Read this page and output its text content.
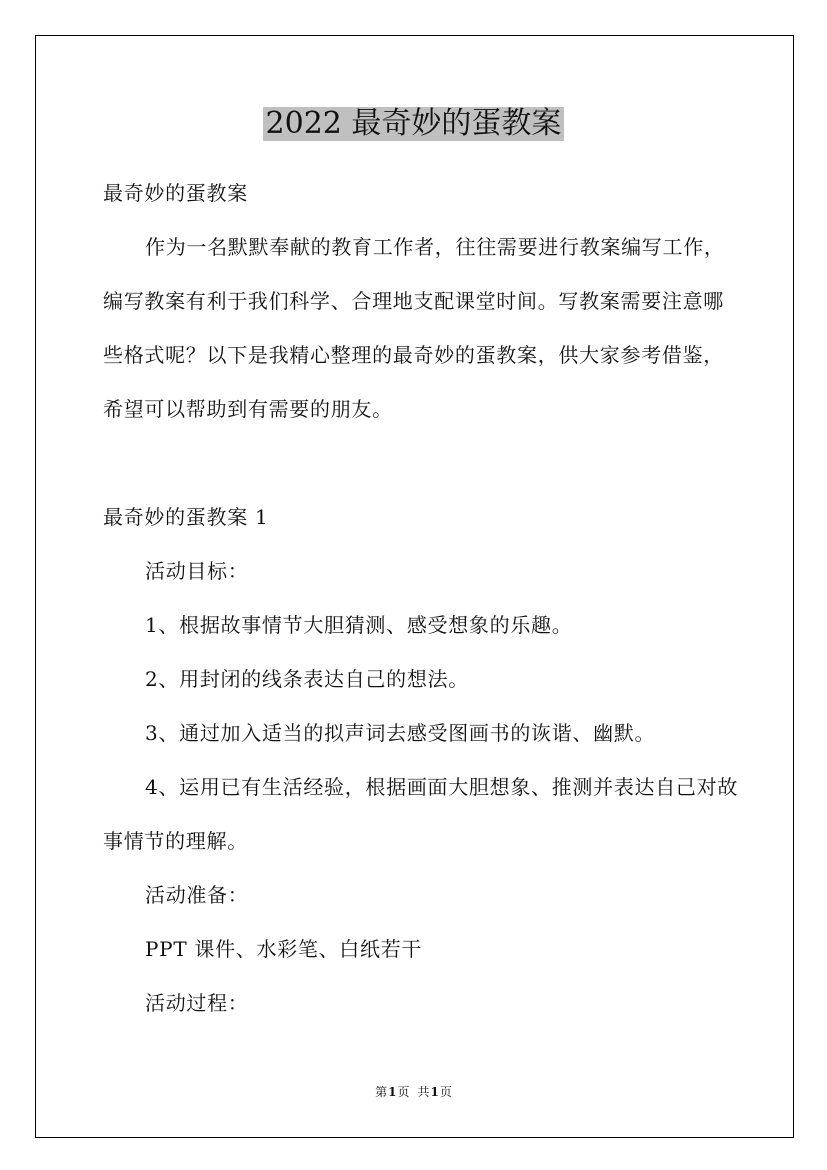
2022 最奇妙的蛋教案
最奇妙的蛋教案
作为一名默默奉献的教育工作者，往往需要进行教案编写工作，
编写教案有利于我们科学、合理地支配课堂时间。写教案需要注意哪
些格式呢？以下是我精心整理的最奇妙的蛋教案，供大家参考借鉴，
希望可以帮助到有需要的朋友。
最奇妙的蛋教案 1
活动目标：
1、根据故事情节大胆猜测、感受想象的乐趣。
2、用封闭的线条表达自己的想法。
3、通过加入适当的拟声词去感受图画书的诙谐、幽默。
4、运用已有生活经验，根据画面大胆想象、推测并表达自己对故
事情节的理解。
活动准备：
PPT 课件、水彩笔、白纸若干
活动过程：
第1页 共1页
